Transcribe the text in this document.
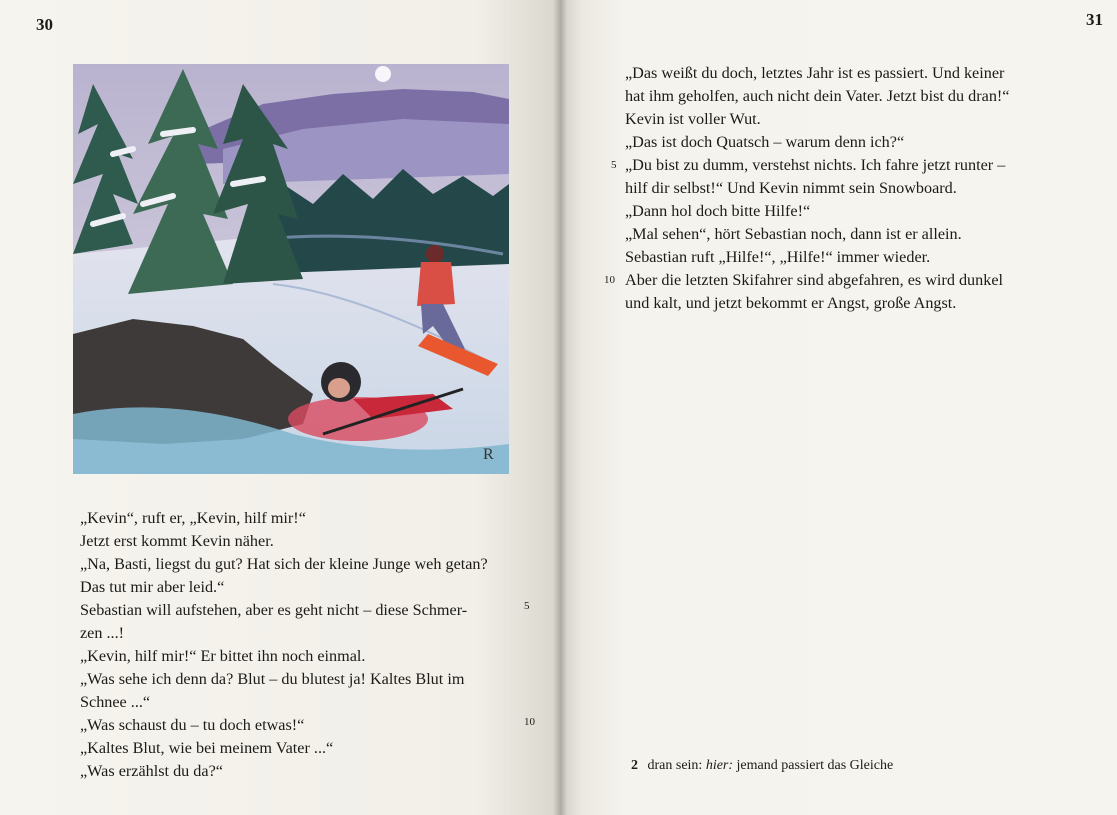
30
R
„Kevin“, ruft er, „Kevin, hilf mir!“
Jetzt erst kommt Kevin näher.
„Na, Basti, liegst du gut? Hat sich der kleine Junge weh getan?
Das tut mir aber leid.“
Sebastian will aufstehen, aber es geht nicht – diese Schmer-
zen ...!
„Kevin, hilf mir!“ Er bittet ihn noch einmal.
„Was sehe ich denn da? Blut – du blutest ja! Kaltes Blut im
Schnee ...“
„Was schaust du – tu doch etwas!“
„Kaltes Blut, wie bei meinem Vater ...“
„Was erzählst du da?“
5
10
31
„Das weißt du doch, letztes Jahr ist es passiert. Und keiner
hat ihm geholfen, auch nicht dein Vater. Jetzt bist du dran!“
Kevin ist voller Wut.
„Das ist doch Quatsch – warum denn ich?“
„Du bist zu dumm, verstehst nichts. Ich fahre jetzt runter –
hilf dir selbst!“ Und Kevin nimmt sein Snowboard.
„Dann hol doch bitte Hilfe!“
„Mal sehen“, hört Sebastian noch, dann ist er allein.
Sebastian ruft „Hilfe!“, „Hilfe!“ immer wieder.
Aber die letzten Skifahrer sind abgefahren, es wird dunkel
und kalt, und jetzt bekommt er Angst, große Angst.
5
10
2 dran sein: hier: jemand passiert das Gleiche
